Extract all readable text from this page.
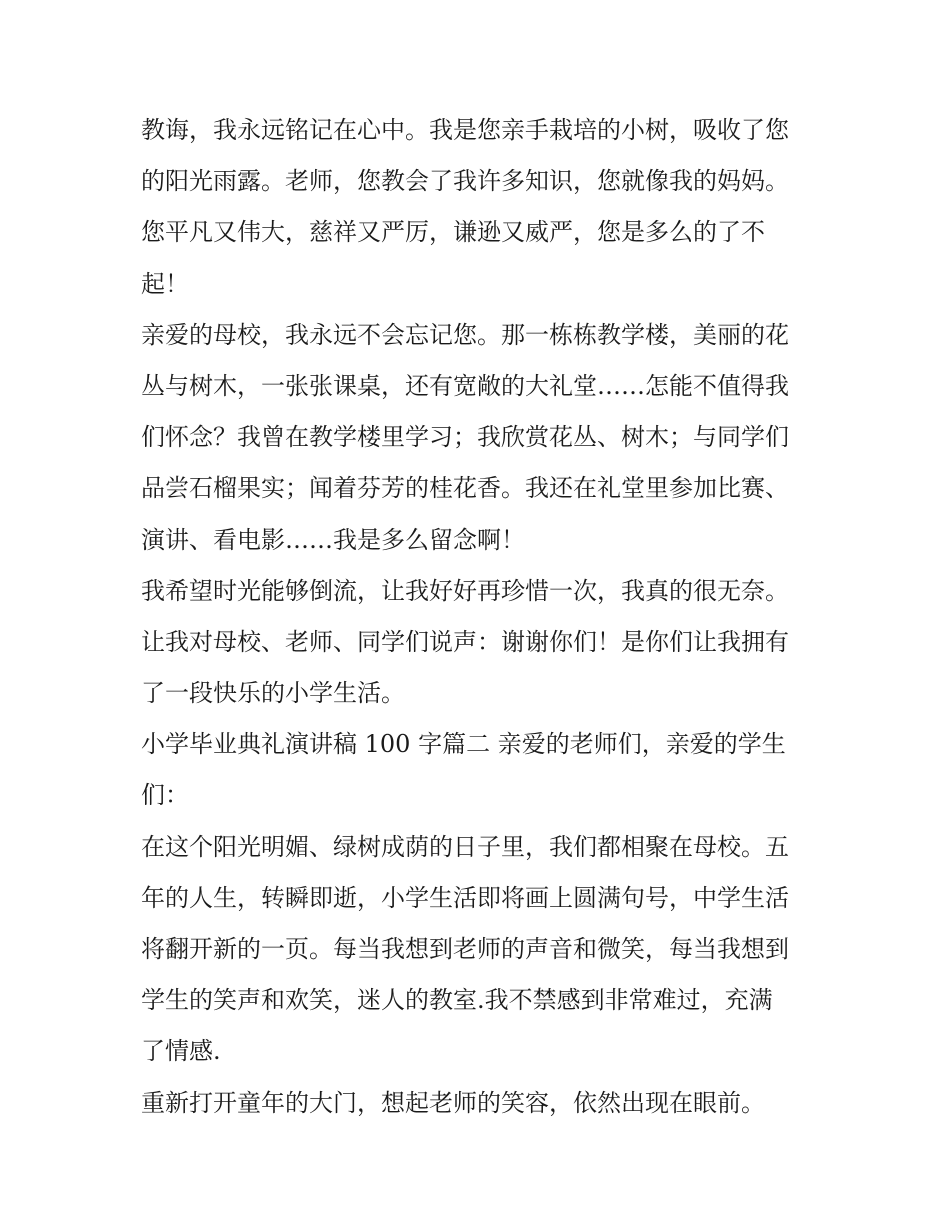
教诲，我永远铭记在心中。我是您亲手栽培的小树，吸收了您
的阳光雨露。老师，您教会了我许多知识，您就像我的妈妈。
您平凡又伟大，慈祥又严厉，谦逊又威严，您是多么的了不
起！
亲爱的母校，我永远不会忘记您。那一栋栋教学楼，美丽的花
丛与树木，一张张课桌，还有宽敞的大礼堂……怎能不值得我
们怀念？我曾在教学楼里学习；我欣赏花丛、树木；与同学们
品尝石榴果实；闻着芬芳的桂花香。我还在礼堂里参加比赛、
演讲、看电影……我是多么留念啊！
我希望时光能够倒流，让我好好再珍惜一次，我真的很无奈。
让我对母校、老师、同学们说声：谢谢你们！是你们让我拥有
了一段快乐的小学生活。
小学毕业典礼演讲稿 100 字篇二 亲爱的老师们，亲爱的学生
们：
在这个阳光明媚、绿树成荫的日子里，我们都相聚在母校。五
年的人生，转瞬即逝，小学生活即将画上圆满句号，中学生活
将翻开新的一页。每当我想到老师的声音和微笑，每当我想到
学生的笑声和欢笑，迷人的教室.我不禁感到非常难过，充满
了情感.
重新打开童年的大门，想起老师的笑容，依然出现在眼前。
